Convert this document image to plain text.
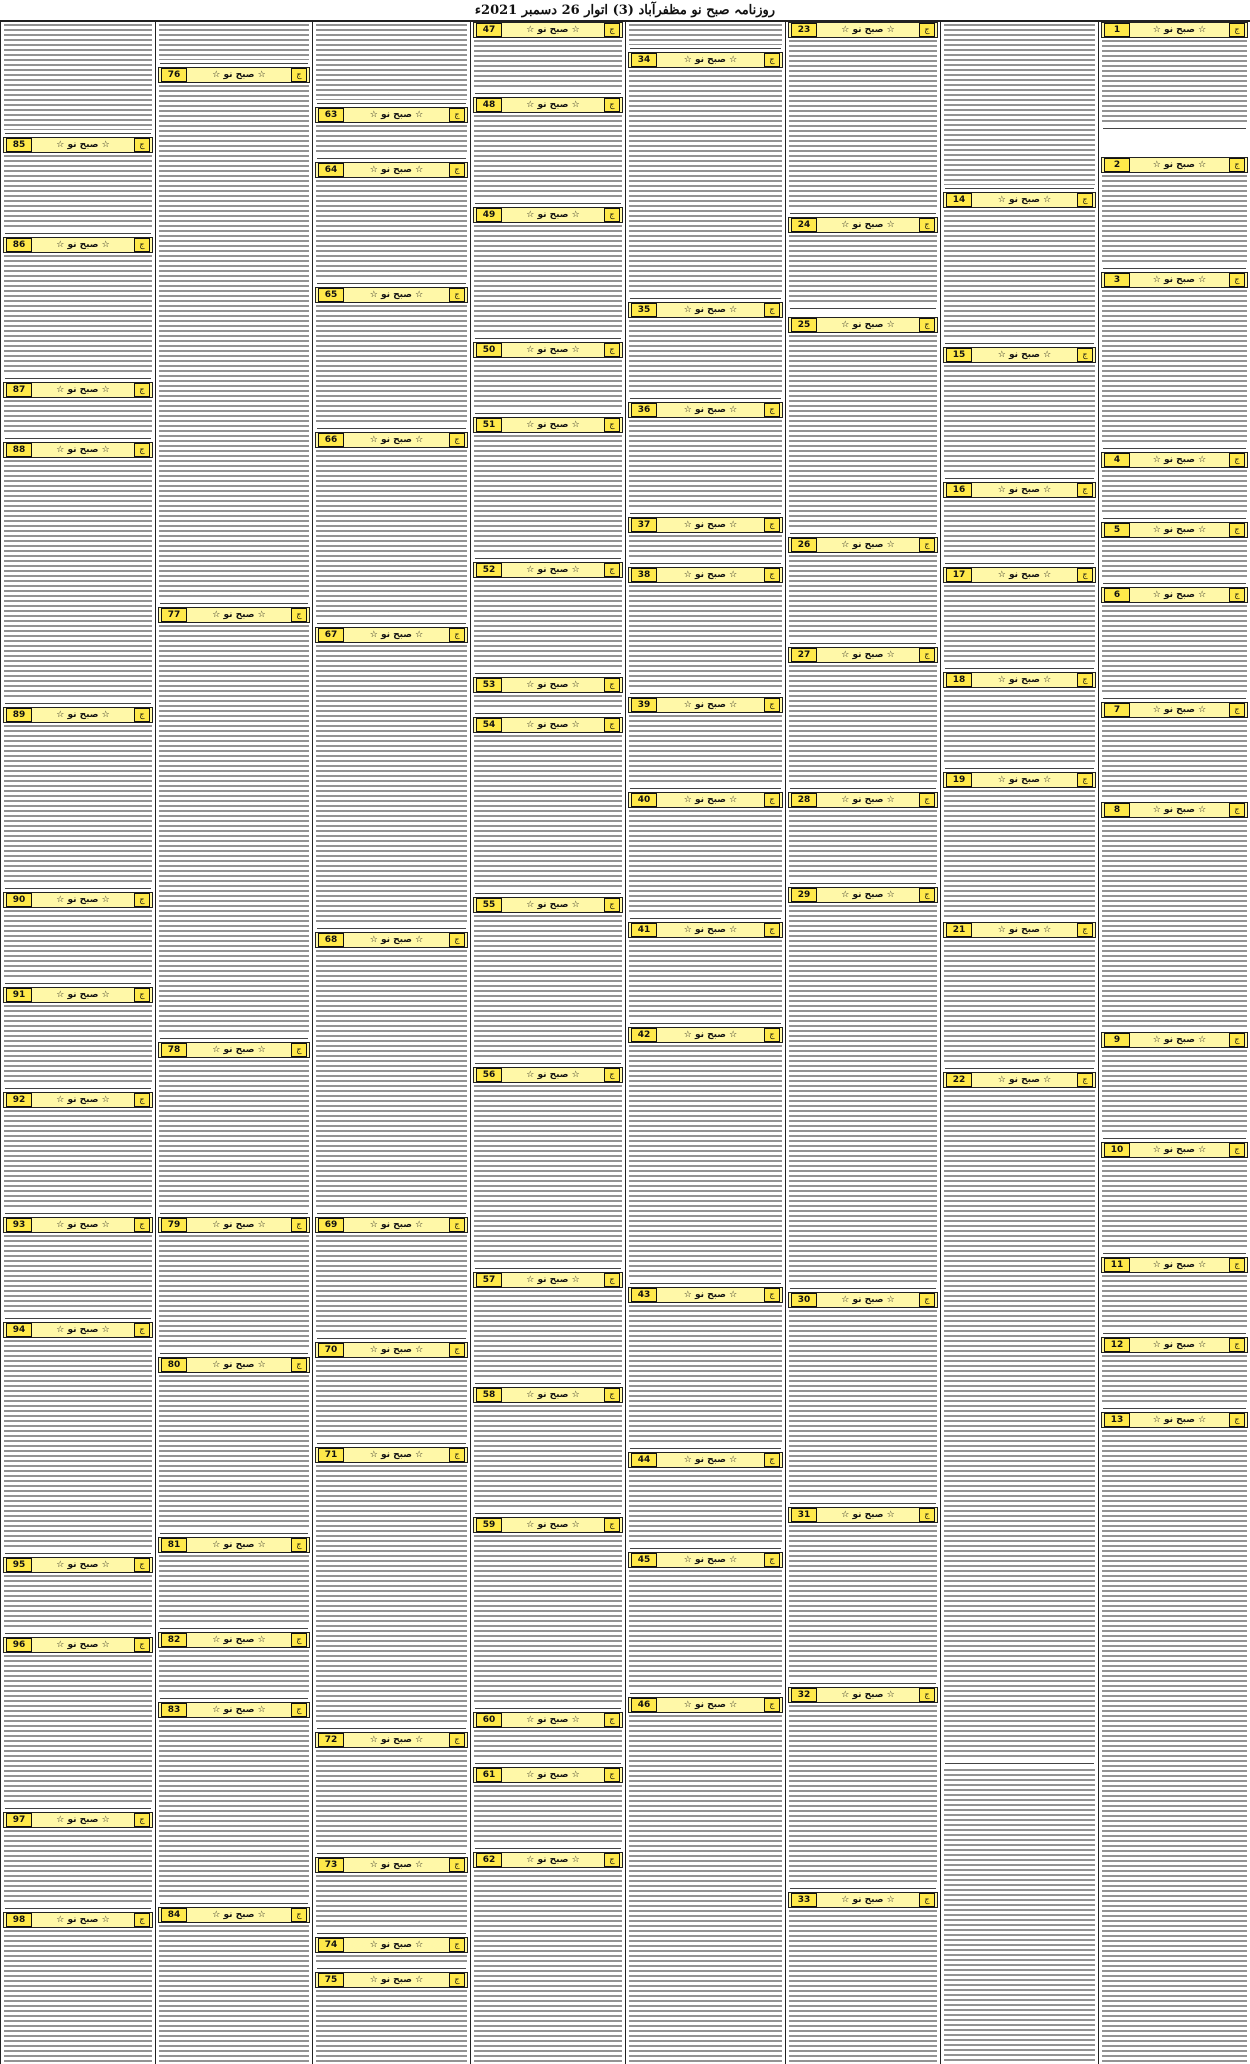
روزنامہ صبح نو مظفرآباد (3) اتوار 26 دسمبر 2021ء
1	☆ صبح نو ☆	ج
2	☆ صبح نو ☆	ج
3	☆ صبح نو ☆	ج
4	☆ صبح نو ☆	ج
5	☆ صبح نو ☆	ج
6	☆ صبح نو ☆	ج
7	☆ صبح نو ☆	ج
8	☆ صبح نو ☆	ج
9	☆ صبح نو ☆	ج
10	☆ صبح نو ☆	ج
11	☆ صبح نو ☆	ج
12	☆ صبح نو ☆	ج
13	☆ صبح نو ☆	ج
14	☆ صبح نو ☆	ج
15	☆ صبح نو ☆	ج
16	☆ صبح نو ☆	ج
17	☆ صبح نو ☆	ج
18	☆ صبح نو ☆	ج
19	☆ صبح نو ☆	ج
21	☆ صبح نو ☆	ج
22	☆ صبح نو ☆	ج
23	☆ صبح نو ☆	ج
24	☆ صبح نو ☆	ج
25	☆ صبح نو ☆	ج
26	☆ صبح نو ☆	ج
27	☆ صبح نو ☆	ج
28	☆ صبح نو ☆	ج
29	☆ صبح نو ☆	ج
30	☆ صبح نو ☆	ج
31	☆ صبح نو ☆	ج
32	☆ صبح نو ☆	ج
33	☆ صبح نو ☆	ج
34	☆ صبح نو ☆	ج
35	☆ صبح نو ☆	ج
36	☆ صبح نو ☆	ج
37	☆ صبح نو ☆	ج
38	☆ صبح نو ☆	ج
39	☆ صبح نو ☆	ج
40	☆ صبح نو ☆	ج
41	☆ صبح نو ☆	ج
42	☆ صبح نو ☆	ج
43	☆ صبح نو ☆	ج
44	☆ صبح نو ☆	ج
45	☆ صبح نو ☆	ج
46	☆ صبح نو ☆	ج
47	☆ صبح نو ☆	ج
48	☆ صبح نو ☆	ج
49	☆ صبح نو ☆	ج
50	☆ صبح نو ☆	ج
51	☆ صبح نو ☆	ج
52	☆ صبح نو ☆	ج
53	☆ صبح نو ☆	ج
54	☆ صبح نو ☆	ج
55	☆ صبح نو ☆	ج
56	☆ صبح نو ☆	ج
57	☆ صبح نو ☆	ج
58	☆ صبح نو ☆	ج
59	☆ صبح نو ☆	ج
60	☆ صبح نو ☆	ج
61	☆ صبح نو ☆	ج
62	☆ صبح نو ☆	ج
63	☆ صبح نو ☆	ج
64	☆ صبح نو ☆	ج
65	☆ صبح نو ☆	ج
66	☆ صبح نو ☆	ج
67	☆ صبح نو ☆	ج
68	☆ صبح نو ☆	ج
69	☆ صبح نو ☆	ج
70	☆ صبح نو ☆	ج
71	☆ صبح نو ☆	ج
72	☆ صبح نو ☆	ج
73	☆ صبح نو ☆	ج
74	☆ صبح نو ☆	ج
75	☆ صبح نو ☆	ج
76	☆ صبح نو ☆	ج
77	☆ صبح نو ☆	ج
78	☆ صبح نو ☆	ج
79	☆ صبح نو ☆	ج
80	☆ صبح نو ☆	ج
81	☆ صبح نو ☆	ج
82	☆ صبح نو ☆	ج
83	☆ صبح نو ☆	ج
84	☆ صبح نو ☆	ج
85	☆ صبح نو ☆	ج
86	☆ صبح نو ☆	ج
87	☆ صبح نو ☆	ج
88	☆ صبح نو ☆	ج
89	☆ صبح نو ☆	ج
90	☆ صبح نو ☆	ج
91	☆ صبح نو ☆	ج
92	☆ صبح نو ☆	ج
93	☆ صبح نو ☆	ج
94	☆ صبح نو ☆	ج
95	☆ صبح نو ☆	ج
96	☆ صبح نو ☆	ج
97	☆ صبح نو ☆	ج
98	☆ صبح نو ☆	ج
